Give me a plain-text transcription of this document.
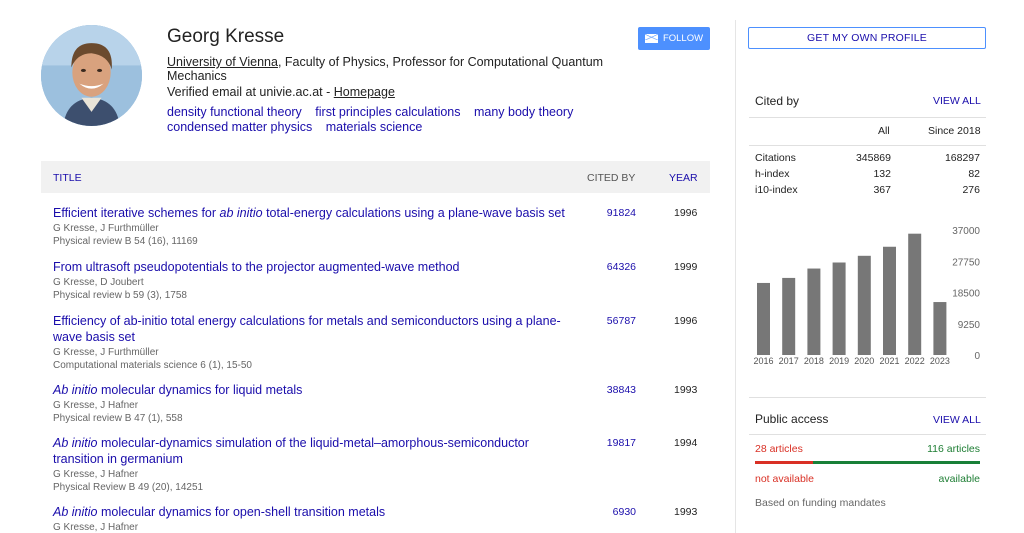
Georg Kresse
University of Vienna, Faculty of Physics, Professor for Computational Quantum Mechanics
Verified email at univie.ac.at - Homepage
density functional theory first principles calculations many body theory
condensed matter physics materials science
FOLLOW
TITLE	CITED BY	YEAR
Efficient iterative schemes for ab initio total-energy calculations using a plane-wave basis set
G Kresse, J Furthmüller
Physical review B 54 (16), 11169
91824	1996
From ultrasoft pseudopotentials to the projector augmented-wave method
G Kresse, D Joubert
Physical review b 59 (3), 1758
64326	1999
Efficiency of ab-initio total energy calculations for metals and semiconductors using a plane-wave basis set
G Kresse, J Furthmüller
Computational materials science 6 (1), 15-50
56787	1996
Ab initio molecular dynamics for liquid metals
G Kresse, J Hafner
Physical review B 47 (1), 558
38843	1993
Ab initio molecular-dynamics simulation of the liquid-metal–amorphous-semiconductor transition in germanium
G Kresse, J Hafner
Physical Review B 49 (20), 14251
19817	1994
Ab initio molecular dynamics for open-shell transition metals
G Kresse, J Hafner
6930	1993
GET MY OWN PROFILE
Cited by	VIEW ALL
All	Since 2018
Citations	345869	168297
h-index	132	82
i10-index	367	276
2016 2017 2018 2019 2020 2021 2022 2023
37000
27750
18500
9250
0
Public access	VIEW ALL
28 articles	116 articles
not available	available
Based on funding mandates
